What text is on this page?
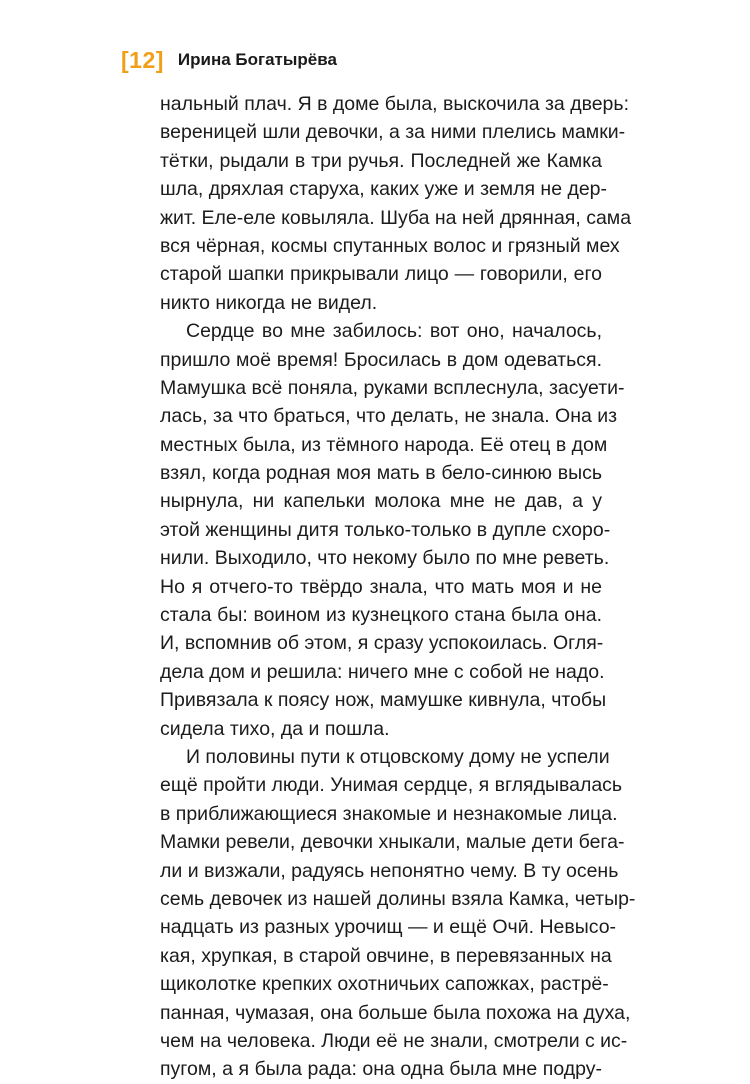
[12] Ирина Богатырёва
нальный плач. Я в доме была, выскочила за дверь:
вереницей шли девочки, а за ними плелись мамки-
тётки, рыдали в три ручья. Последней же Камка
шла, дряхлая старуха, каких уже и земля не дер-
жит. Еле-еле ковыляла. Шуба на ней дрянная, сама
вся чёрная, космы спутанных волос и грязный мех
старой шапки прикрывали лицо — говорили, его
никто никогда не видел.
Сердце во мне забилось: вот оно, началось,
пришло моё время! Бросилась в дом одеваться.
Мамушка всё поняла, руками всплеснула, засуети-
лась, за что браться, что делать, не знала. Она из
местных была, из тёмного народа. Её отец в дом
взял, когда родная моя мать в бело-синюю высь
нырнула, ни капельки молока мне не дав, а у
этой женщины дитя только-только в дупле схоро-
нили. Выходило, что некому было по мне реветь.
Но я отчего-то твёрдо знала, что мать моя и не
стала бы: воином из кузнецкого стана была она.
И, вспомнив об этом, я сразу успокоилась. Огля-
дела дом и решила: ничего мне с собой не надо.
Привязала к поясу нож, мамушке кивнула, чтобы
сидела тихо, да и пошла.
И половины пути к отцовскому дому не успели
ещё пройти люди. Унимая сердце, я вглядывалась
в приближающиеся знакомые и незнакомые лица.
Мамки ревели, девочки хныкали, малые дети бега-
ли и визжали, радуясь непонятно чему. В ту осень
семь девочек из нашей долины взяла Камка, четыр-
надцать из разных урочищ — и ещё Очӣ. Невысо-
кая, хрупкая, в старой овчине, в перевязанных на
щиколотке крепких охотничьих сапожках, растрё-
панная, чумазая, она больше была похожа на духа,
чем на человека. Люди её не знали, смотрели с ис-
пугом, а я была рада: она одна была мне подру-
